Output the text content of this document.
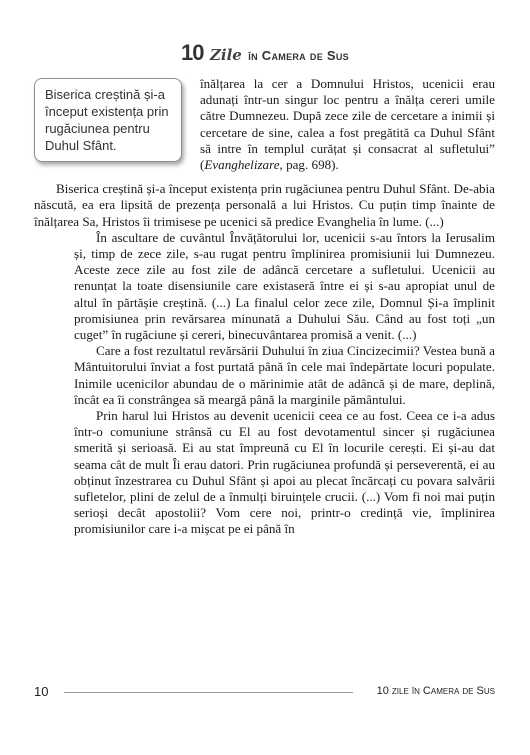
10 Zile în Camera de Sus
Biserica creștină și-a început existența prin rugăciunea pentru Duhul Sfânt.

înălțarea la cer a Domnului Hristos, ucenicii erau adunați într-un singur loc pentru a înălța cereri umile către Dumnezeu. După zece zile de cercetare a inimii și cercetare de sine, calea a fost pregătită ca Duhul Sfânt să intre în templul curățat și consacrat al sufletului” (Evanghelizare, pag. 698).

Biserica creștină și-a început existența prin rugăciunea pentru Duhul Sfânt. De-abia născută, ea era lipsită de prezența personală a lui Hristos. Cu puțin timp înainte de înălțarea Sa, Hristos îi trimisese pe ucenici să predice Evanghelia în lume. (...)

În ascultare de cuvântul Învățătorului lor, ucenicii s-au întors la Ierusalim și, timp de zece zile, s-au rugat pentru împlinirea promisiunii lui Dumnezeu. Aceste zece zile au fost zile de adâncă cercetare a sufletului. Ucenicii au renunțat la toate disensiunile care existaseră între ei și s-au apropiat unul de altul în părtășie creștină. (...) La finalul celor zece zile, Domnul Și-a împlinit promisiunea prin revărsarea minunată a Duhului Său. Când au fost toți „un cuget” în rugăciune și cereri, binecuvântarea promisă a venit. (...)

Care a fost rezultatul revărsării Duhului în ziua Cincizecimii? Vestea bună a Mântuitorului înviat a fost purtată până în cele mai îndepărtate locuri populate. Inimile ucenicilor abundau de o mărinimie atât de adâncă și de mare, deplină, încât ea îi constrângea să meargă până la marginile pământului.

Prin harul lui Hristos au devenit ucenicii ceea ce au fost. Ceea ce i-a adus într-o comuniune strânsă cu El au fost devotamentul sincer și rugăciunea smerită și serioasă. Ei au stat împreună cu El în locurile cerești. Ei și-au dat seama cât de mult Îi erau datori. Prin rugăciunea profundă și perseverentă, ei au obținut înzestrarea cu Duhul Sfânt și apoi au plecat încărcați cu povara salvării sufletelor, plini de zelul de a înmulți biruințele crucii. (...) Vom fi noi mai puțin serioși decât apostolii? Vom cere noi, printr-o credință vie, împlinirea promisiunilor care i-a mișcat pe ei până în

10	10 zile în Camera de Sus
